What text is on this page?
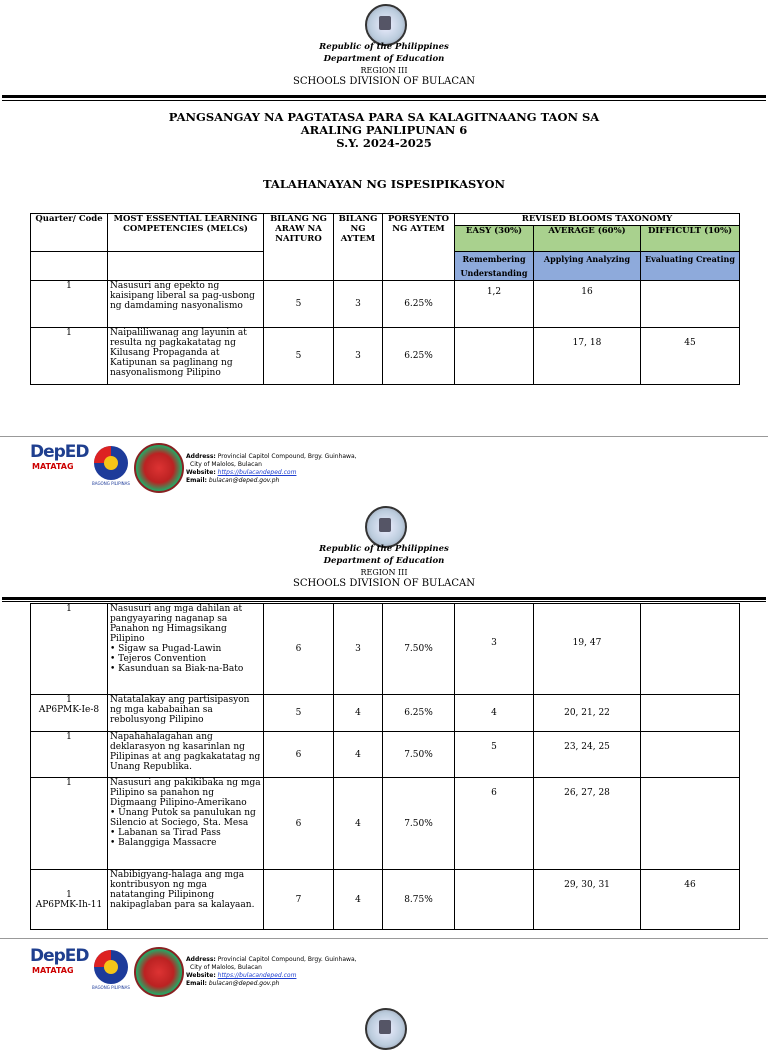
Republic of the Philippines
Department of Education
REGION III
SCHOOLS DIVISION OF BULACAN
PANGSANGAY NA PAGTATASA PARA SA KALAGITNAANG TAON SA
ARALING PANLIPUNAN 6
S.Y. 2024-2025
TALAHANAYAN NG ISPESIPIKASYON
Quarter/ Code	MOST ESSENTIAL LEARNING COMPETENCIES (MELCs)	BILANG NG ARAW NA NAITURO	BILANG NG AYTEM	PORSYENTO NG AYTEM	REVISED BLOOMS TAXONOMY		
					EASY (30%)	AVERAGE (60%)	DIFFICULT (10%)
					Remembering Understanding	Applying Analyzing	Evaluating Creating
1	Nasusuri ang epekto ng kaisipang liberal sa pag-usbong ng damdaming nasyonalismo	5	3	6.25%	1,2	16	
1	Naipaliliwanag ang layunin at resulta ng pagkakatatag ng Kilusang Propaganda at Katipunan sa paglinang ng nasyonalismong Pilipino	5	3	6.25%		17, 18	45
DepED
MATATAG
BAGONG PILIPINAS
Address: Provincial Capitol Compound, Brgy. Guinhawa,
City of Malolos, Bulacan
Website: https://bulacandeped.com
Email: bulacan@deped.gov.ph
Republic of the Philippines
Department of Education
REGION III
SCHOOLS DIVISION OF BULACAN
1	Nasusuri ang mga dahilan at pangyayaring naganap sa Panahon ng Himagsikang Pilipino
• Sigaw sa Pugad-Lawin
• Tejeros Convention
• Kasunduan sa Biak-na-Bato	6	3	7.50%	3	19, 47	

1
AP6PMK-Ie-8	Natatalakay ang partisipasyon ng mga kababaihan sa rebolusyong Pilipino	5	4	6.25%	4	20, 21, 22	
1	Napahahalagahan ang deklarasyon ng kasarinlan ng Pilipinas at ang pagkakatatag ng Unang Republika.	6	4	7.50%	5	23, 24, 25	
1	Nasusuri ang pakikibaka ng mga Pilipino sa panahon ng Digmaang Pilipino-Amerikano
• Unang Putok sa panulukan ng Silencio at Sociego, Sta. Mesa
• Labanan sa Tirad Pass
• Balanggiga Massacre	6	4	7.50%	6	26, 27, 28	

1
AP6PMK-Ih-11	Nabibigyang-halaga ang mga kontribusyon ng mga natatanging Pilipinong nakipaglaban para sa kalayaan.	7	4	8.75%		29, 30, 31	46
DepED
MATATAG
BAGONG PILIPINAS
Address: Provincial Capitol Compound, Brgy. Guinhawa,
City of Malolos, Bulacan
Website: https://bulacandeped.com
Email: bulacan@deped.gov.ph
